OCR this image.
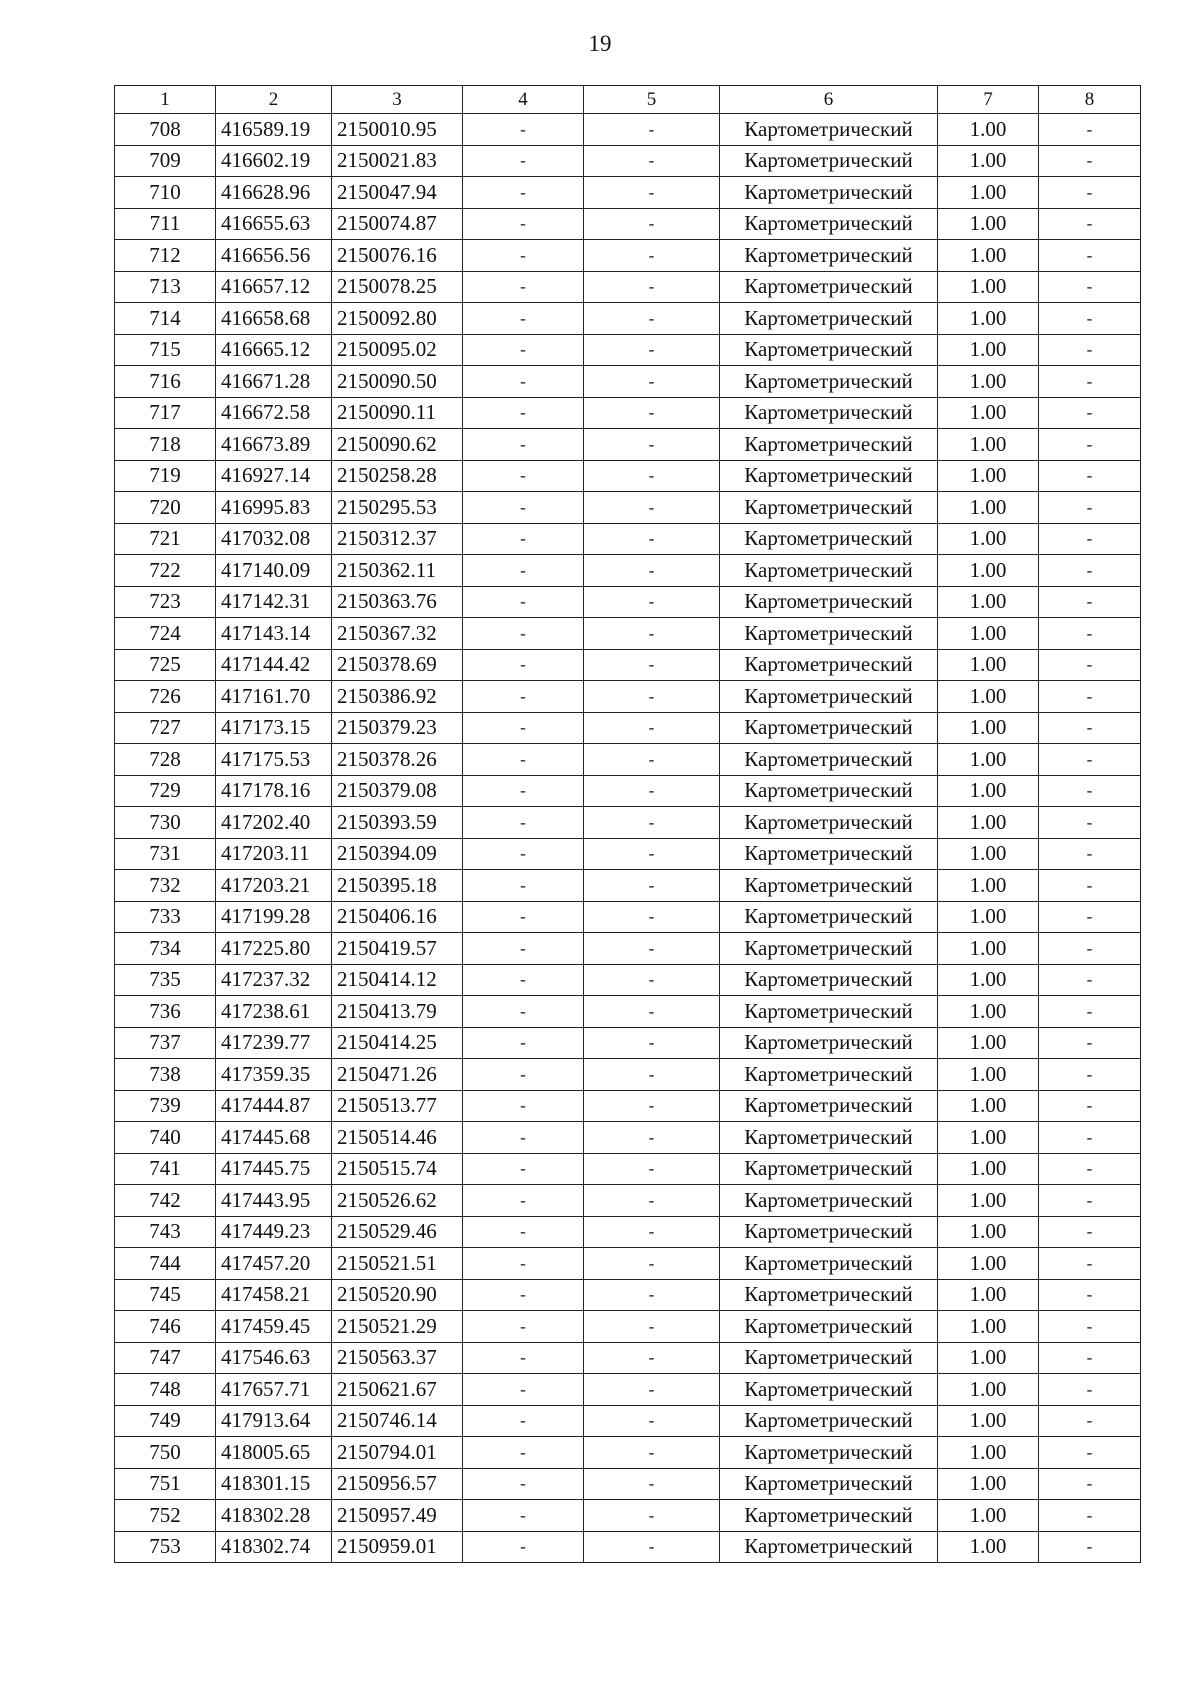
19
1	2	3	4	5	6	7	8
708	416589.19	2150010.95	-	-	Картометрический	1.00	-
709	416602.19	2150021.83	-	-	Картометрический	1.00	-
710	416628.96	2150047.94	-	-	Картометрический	1.00	-
711	416655.63	2150074.87	-	-	Картометрический	1.00	-
712	416656.56	2150076.16	-	-	Картометрический	1.00	-
713	416657.12	2150078.25	-	-	Картометрический	1.00	-
714	416658.68	2150092.80	-	-	Картометрический	1.00	-
715	416665.12	2150095.02	-	-	Картометрический	1.00	-
716	416671.28	2150090.50	-	-	Картометрический	1.00	-
717	416672.58	2150090.11	-	-	Картометрический	1.00	-
718	416673.89	2150090.62	-	-	Картометрический	1.00	-
719	416927.14	2150258.28	-	-	Картометрический	1.00	-
720	416995.83	2150295.53	-	-	Картометрический	1.00	-
721	417032.08	2150312.37	-	-	Картометрический	1.00	-
722	417140.09	2150362.11	-	-	Картометрический	1.00	-
723	417142.31	2150363.76	-	-	Картометрический	1.00	-
724	417143.14	2150367.32	-	-	Картометрический	1.00	-
725	417144.42	2150378.69	-	-	Картометрический	1.00	-
726	417161.70	2150386.92	-	-	Картометрический	1.00	-
727	417173.15	2150379.23	-	-	Картометрический	1.00	-
728	417175.53	2150378.26	-	-	Картометрический	1.00	-
729	417178.16	2150379.08	-	-	Картометрический	1.00	-
730	417202.40	2150393.59	-	-	Картометрический	1.00	-
731	417203.11	2150394.09	-	-	Картометрический	1.00	-
732	417203.21	2150395.18	-	-	Картометрический	1.00	-
733	417199.28	2150406.16	-	-	Картометрический	1.00	-
734	417225.80	2150419.57	-	-	Картометрический	1.00	-
735	417237.32	2150414.12	-	-	Картометрический	1.00	-
736	417238.61	2150413.79	-	-	Картометрический	1.00	-
737	417239.77	2150414.25	-	-	Картометрический	1.00	-
738	417359.35	2150471.26	-	-	Картометрический	1.00	-
739	417444.87	2150513.77	-	-	Картометрический	1.00	-
740	417445.68	2150514.46	-	-	Картометрический	1.00	-
741	417445.75	2150515.74	-	-	Картометрический	1.00	-
742	417443.95	2150526.62	-	-	Картометрический	1.00	-
743	417449.23	2150529.46	-	-	Картометрический	1.00	-
744	417457.20	2150521.51	-	-	Картометрический	1.00	-
745	417458.21	2150520.90	-	-	Картометрический	1.00	-
746	417459.45	2150521.29	-	-	Картометрический	1.00	-
747	417546.63	2150563.37	-	-	Картометрический	1.00	-
748	417657.71	2150621.67	-	-	Картометрический	1.00	-
749	417913.64	2150746.14	-	-	Картометрический	1.00	-
750	418005.65	2150794.01	-	-	Картометрический	1.00	-
751	418301.15	2150956.57	-	-	Картометрический	1.00	-
752	418302.28	2150957.49	-	-	Картометрический	1.00	-
753	418302.74	2150959.01	-	-	Картометрический	1.00	-
